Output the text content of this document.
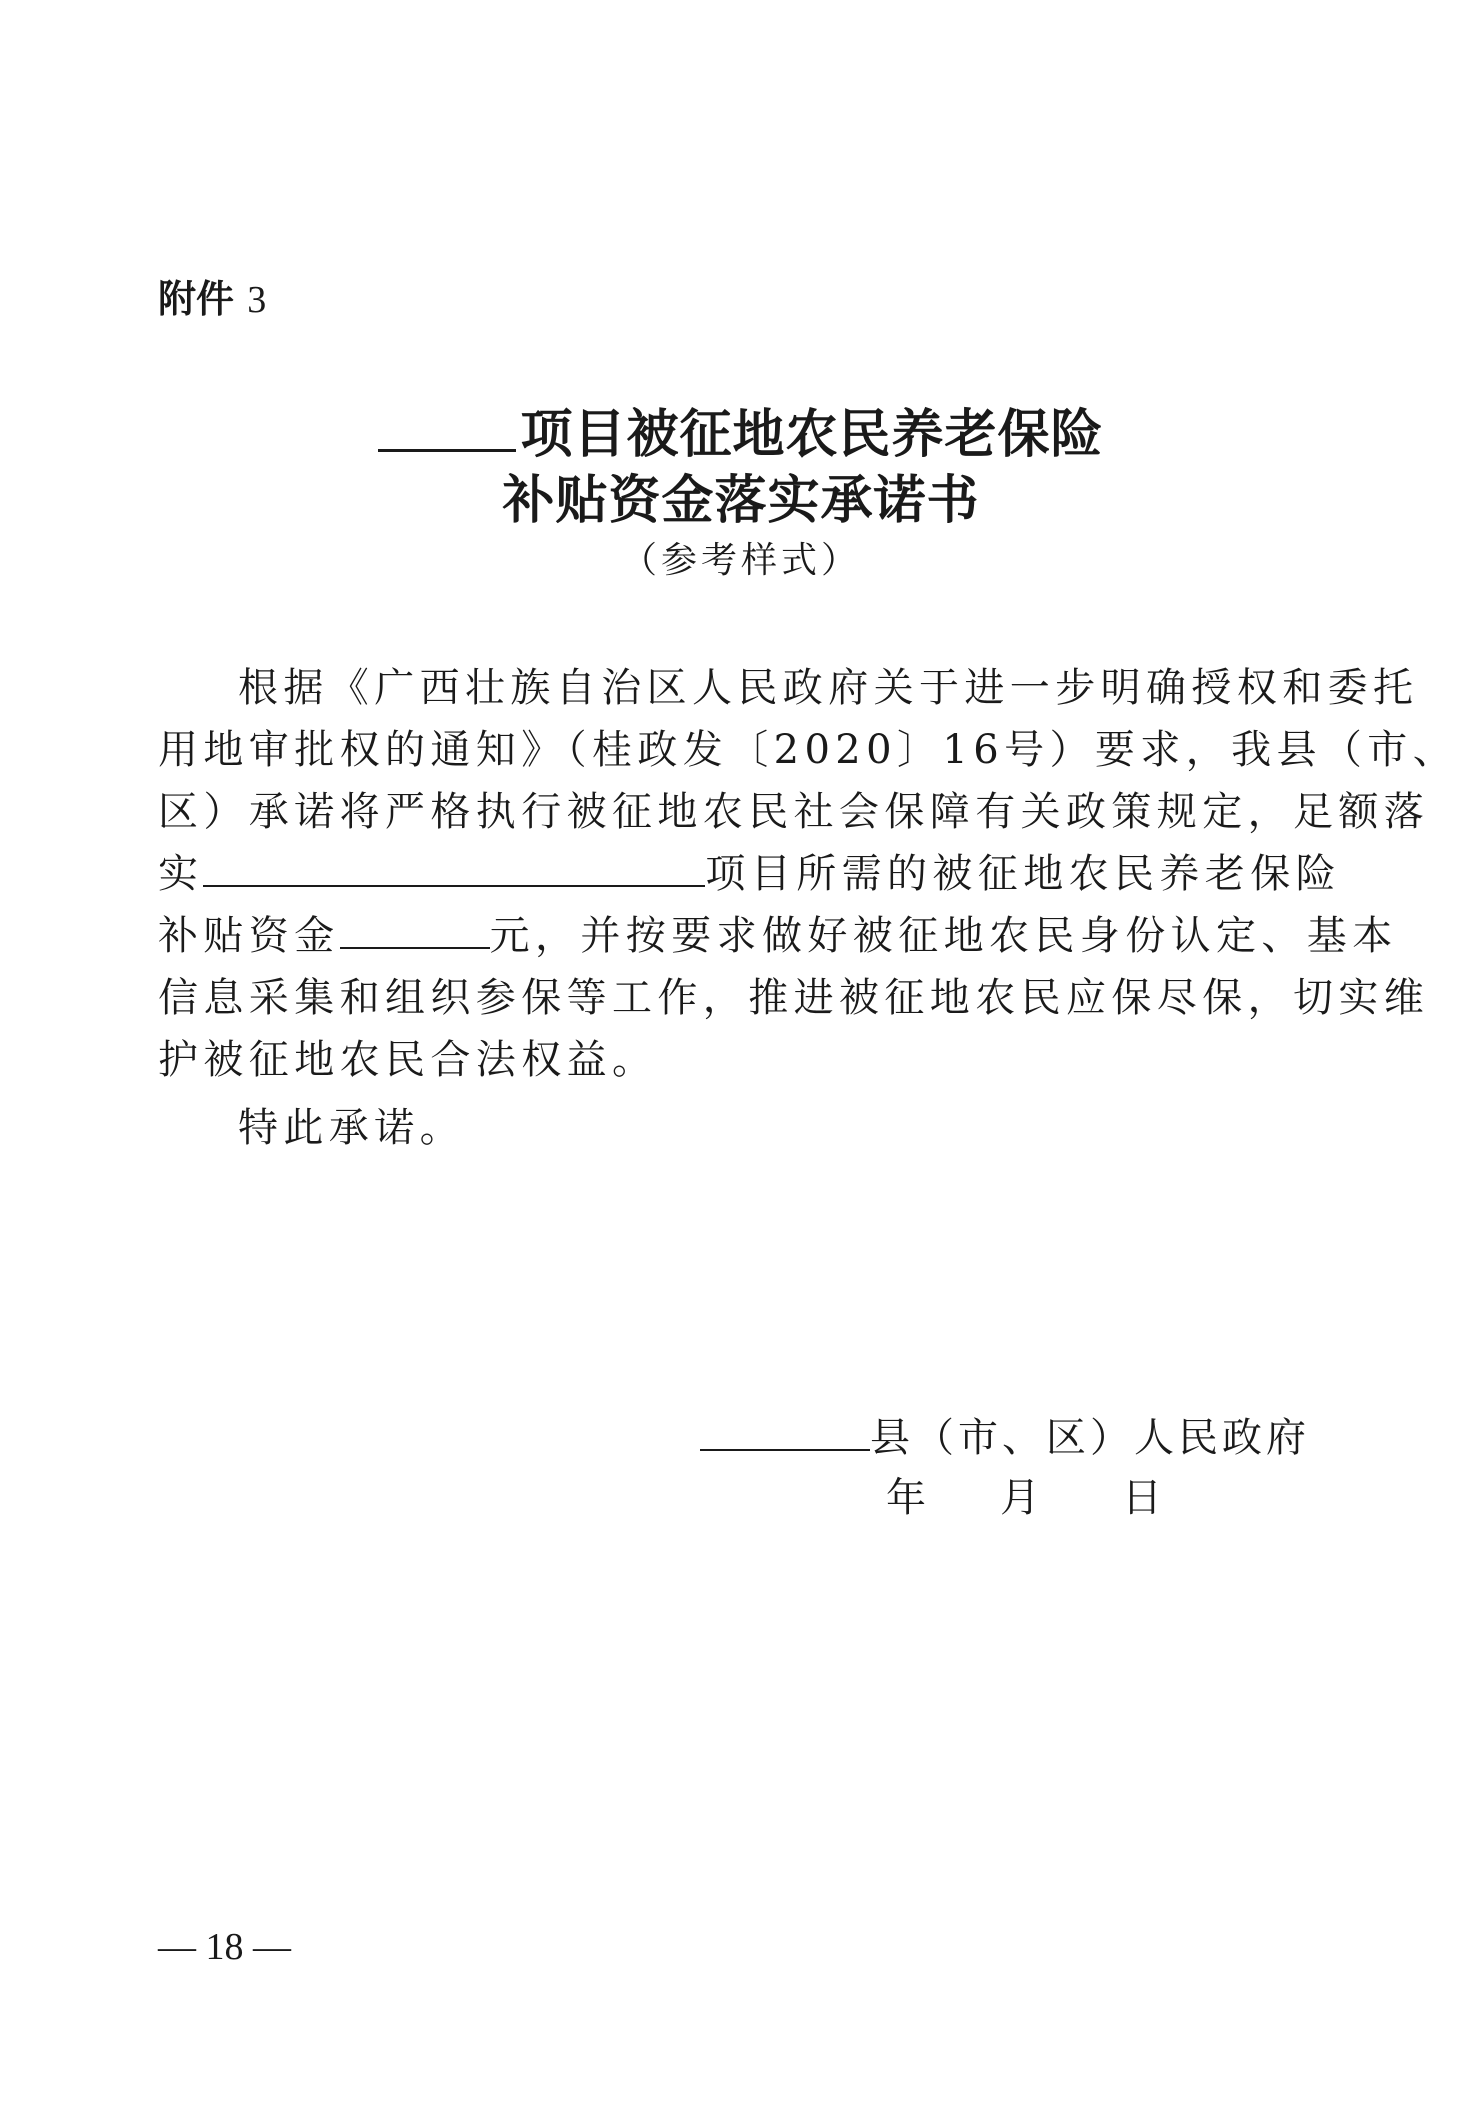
附件 3
项目被征地农民养老保险
补贴资金落实承诺书
（参考样式）
根据《广西壮族自治区人民政府关于进一步明确授权和委托
用地审批权的通知》（桂政发〔2020〕16号）要求，我县（市、
区）承诺将严格执行被征地农民社会保障有关政策规定，足额落
实	项目所需的被征地农民养老保险
补贴资金	元，并按要求做好被征地农民身份认定、基本
信息采集和组织参保等工作，推进被征地农民应保尽保，切实维
护被征地农民合法权益。
特此承诺。
县（市、区）人民政府
年 月 日
— 18 —
